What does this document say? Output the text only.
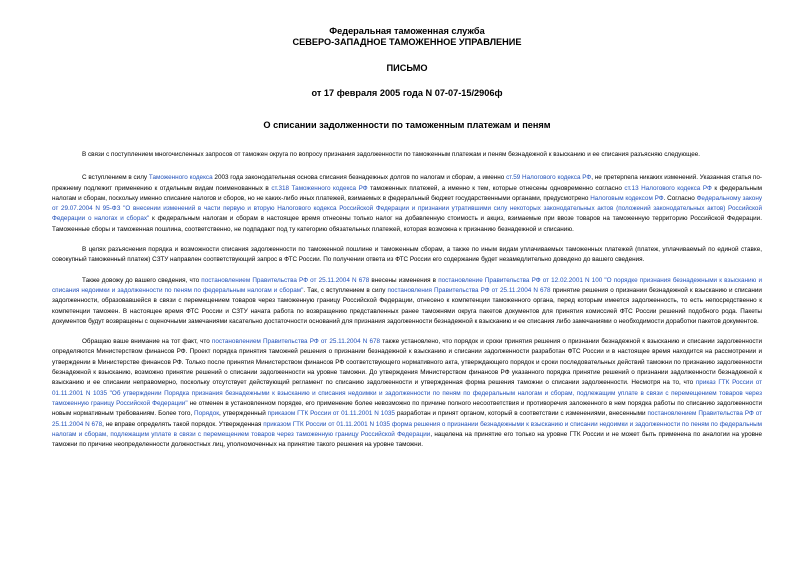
Федеральная таможенная служба
СЕВЕРО-ЗАПАДНОЕ ТАМОЖЕННОЕ УПРАВЛЕНИЕ
ПИСЬМО
от 17 февраля 2005 года N 07-07-15/2906ф
О списании задолженности по таможенным платежам и пеням

В связи с поступлением многочисленных запросов от таможен округа по вопросу признания задолженности по таможенным платежам и пеням безнадежной к взысканию и ее списания разъясняю следующее.

С вступлением в силу Таможенного кодекса 2003 года законодательная основа списания безнадежных долгов по налогам и сборам, а именно ст.59 Налогового кодекса РФ, не претерпела никаких изменений. Указанная статья по-прежнему подлежит применению к отдельным видам поименованных в ст.318 Таможенного кодекса РФ таможенных платежей, а именно к тем, которые отнесены одновременно согласно ст.13 Налогового кодекса РФ к федеральным налогам и сборам, поскольку именно списание налогов и сборов, но не каких-либо иных платежей, взимаемых в федеральный бюджет государственными органами, предусмотрено Налоговым кодексом РФ. Согласно Федеральному закону от 29.07.2004 N 95-ФЗ "О внесении изменений в части первую и вторую Налогового кодекса Российской Федерации и признании утратившими силу некоторых законодательных актов (положений законодательных актов) Российской Федерации о налогах и сборах" к федеральным налогам и сборам в настоящее время отнесены только налог на добавленную стоимость и акциз, взимаемые при ввозе товаров на таможенную территорию Российской Федерации. Таможенные сборы и таможенная пошлина, соответственно, не подпадают под ту категорию обязательных платежей, которая возможна к признанию безнадежной и списанию.

В целях разъяснения порядка и возможности списания задолженности по таможенной пошлине и таможенным сборам, а также по иным видам уплачиваемых таможенных платежей (платеж, уплачиваемый по единой ставке, совокупный таможенный платеж) СЗТУ направлен соответствующий запрос в ФТС России. По получении ответа из ФТС России его содержание будет незамедлительно доведено до вашего сведения.

Также довожу до вашего сведения, что постановлением Правительства РФ от 25.11.2004 N 678 внесены изменения в постановление Правительства РФ от 12.02.2001 N 100 "О порядке признания безнадежными к взысканию и списания недоимки и задолженности по пеням по федеральным налогам и сборам". Так, с вступлением в силу постановления Правительства РФ от 25.11.2004 N 678 принятие решения о признании безнадежной к взысканию и списании задолженности, образовавшейся в связи с перемещением товаров через таможенную границу Российской Федерации, отнесено к компетенции таможенного органа, перед которым имеется задолженность, то есть непосредственно к компетенции таможен. В настоящее время ФТС России и СЗТУ начата работа по возвращению представленных ранее таможнями округа пакетов документов для принятия комиссией ФТС России решений подобного рода. Пакеты документов будут возвращены с оценочными замечаниями касательно достаточности оснований для признания задолженности безнадежной к взысканию и ее списания либо замечаниями о необходимости доработки пакетов документов.

Обращаю ваше внимание на тот факт, что постановлением Правительства РФ от 25.11.2004 N 678 также установлено, что порядок и сроки принятия решения о признании безнадежной к взысканию и списании задолженности определяются Министерством финансов РФ. Проект порядка принятия таможней решения о признании безнадежной к взысканию и списании задолженности разработан ФТС России и в настоящее время находится на рассмотрении и утверждении в Министерстве финансов РФ. Только после принятия Министерством финансов РФ соответствующего нормативного акта, утверждающего порядок и сроки последовательных действий таможни по признанию задолженности безнадежной к взысканию, возможно принятие решений о списании задолженности на уровне таможни. До утверждения Министерством финансов РФ указанного порядка принятие решений о признании задолженности безнадежной к взысканию и ее списании неправомерно, поскольку отсутствует действующий регламент по списанию задолженности и утвержденная форма решения таможни о списании задолженности. Несмотря на то, что приказ ГТК России от 01.11.2001 N 1035 "Об утверждении Порядка признания безнадежными к взысканию и списания недоимки и задолженности по пеням по федеральным налогам и сборам, подлежащим уплате в связи с перемещением товаров через таможенную границу Российской Федерации" не отменен в установленном порядке, его применение более невозможно по причине полного несоответствия и противоречия заложенного в нем порядка работы по списанию задолженности новым нормативным требованиям. Более того, Порядок, утвержденный приказом ГТК России от 01.11.2001 N 1035 разработан и принят органом, который в соответствии с изменениями, внесенными постановлением Правительства РФ от 25.11.2004 N 678, не вправе определять такой порядок. Утвержденная приказом ГТК России от 01.11.2001 N 1035 форма решения о признании безнадежными к взысканию и списании недоимки и задолженности по пеням по федеральным налогам и сборам, подлежащим уплате в связи с перемещением товаров через таможенную границу Российской Федерации, нацелена на принятие его только на уровне ГТК России и не может быть применена по аналогии на уровне таможни по причине неопределенности должностных лиц, уполномоченных на принятие такого решения на уровне таможни.
